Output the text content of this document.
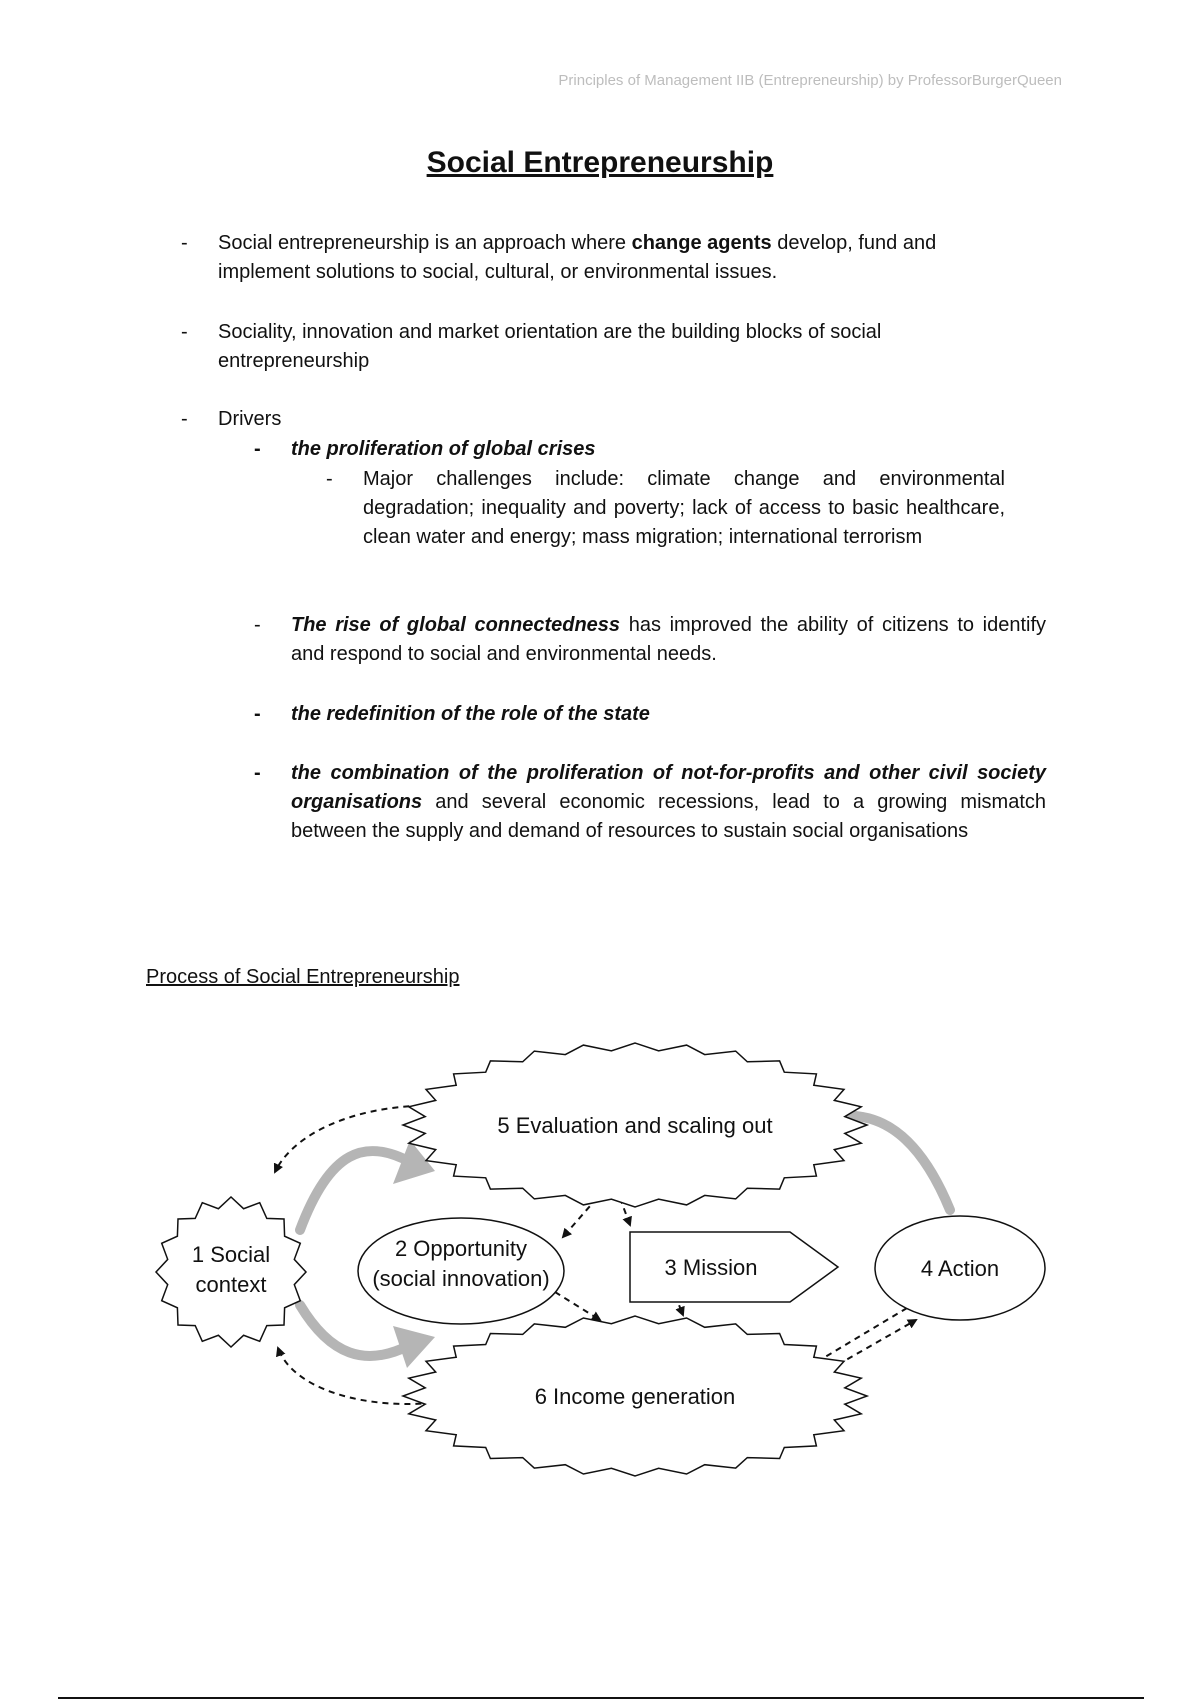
Principles of Management IIB (Entrepreneurship) by ProfessorBurgerQueen
Social Entrepreneurship
- Social entrepreneurship is an approach where change agents develop, fund and implement solutions to social, cultural, or environmental issues.
- Sociality, innovation and market orientation are the building blocks of social entrepreneurship
- Drivers
- the proliferation of global crises
- Major challenges include: climate change and environmental degradation; inequality and poverty; lack of access to basic healthcare, clean water and energy; mass migration; international terrorism
- The rise of global connectedness has improved the ability of citizens to identify and respond to social and environmental needs.
- the redefinition of the role of the state
- the combination of the proliferation of not-for-profits and other civil society organisations and several economic recessions, lead to a growing mismatch between the supply and demand of resources to sustain social organisations
Process of Social Entrepreneurship
5 Evaluation and scaling out
1 Social
context
2 Opportunity
(social innovation)	3 Mission	4 Action
6 Income generation
